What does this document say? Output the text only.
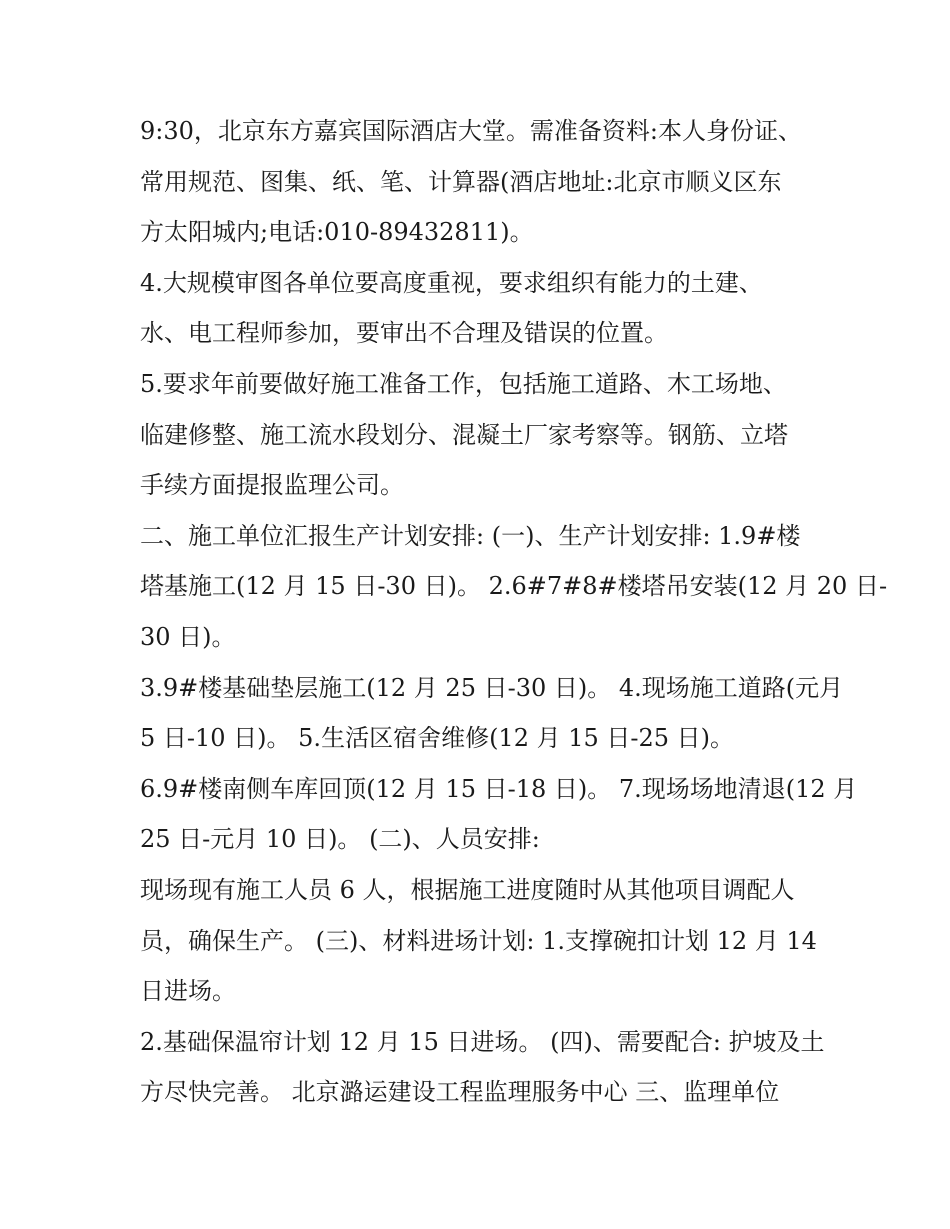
9:30，北京东方嘉宾国际酒店大堂。需准备资料:本人身份证、
常用规范、图集、纸、笔、计算器(酒店地址:北京市顺义区东
方太阳城内;电话:010-89432811)。
4.大规模审图各单位要高度重视，要求组织有能力的土建、
水、电工程师参加，要审出不合理及错误的位置。
5.要求年前要做好施工准备工作，包括施工道路、木工场地、
临建修整、施工流水段划分、混凝土厂家考察等。钢筋、立塔
手续方面提报监理公司。
二、施工单位汇报生产计划安排: (一)、生产计划安排: 1.9#楼
塔基施工(12 月 15 日-30 日)。 2.6#7#8#楼塔吊安装(12 月 20 日-
30 日)。
3.9#楼基础垫层施工(12 月 25 日-30 日)。 4.现场施工道路(元月
5 日-10 日)。 5.生活区宿舍维修(12 月 15 日-25 日)。
6.9#楼南侧车库回顶(12 月 15 日-18 日)。 7.现场场地清退(12 月
25 日-元月 10 日)。 (二)、人员安排:
现场现有施工人员 6 人，根据施工进度随时从其他项目调配人
员，确保生产。 (三)、材料进场计划: 1.支撑碗扣计划 12 月 14
日进场。
2.基础保温帘计划 12 月 15 日进场。 (四)、需要配合: 护坡及土
方尽快完善。 北京潞运建设工程监理服务中心 三、监理单位
